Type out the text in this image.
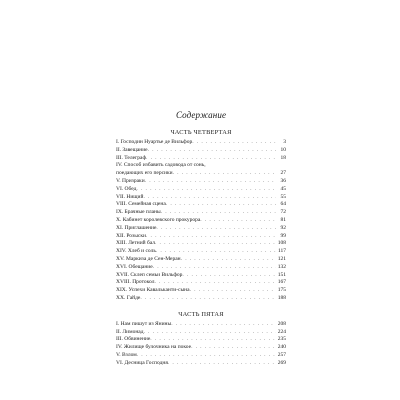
Содержание
ЧАСТЬ ЧЕТВЕРТАЯ
I. Господин Нуартье де Вильфор . . .	3
II. Завещание . . .	10
III. Телеграф . . .	18
IV. Способ избавить садовода от сонь,
поедающих его персики . . .	27
V. Призраки . . .	36
VI. Обед . . .	45
VII. Нищий . . .	55
VIII. Семейная сцена . . .	64
IX. Брачные планы . . .	72
X. Кабинет королевского прокурора . . .	81
XI. Приглашение . . .	92
XII. Розыски . . .	99
XIII. Летний бал . . .	108
XIV. Хлеб и соль . . .	117
XV. Маркиза де Сен-Меран . . .	121
XVI. Обещание . . .	132
XVII. Склеп семьи Вильфор . . .	151
XVIII. Протокол . . .	167
XIX. Успехи Кавальканти-сына . . .	175
XX. Гайде . . .	188
ЧАСТЬ ПЯТАЯ
I. Нам пишут из Янины . . .	208
II. Лимонад . . .	224
III. Обвинение . . .	235
IV. Жилище булочника на покое . . .	240
V. Взлом . . .	257
VI. Десница Господня . . .	269
